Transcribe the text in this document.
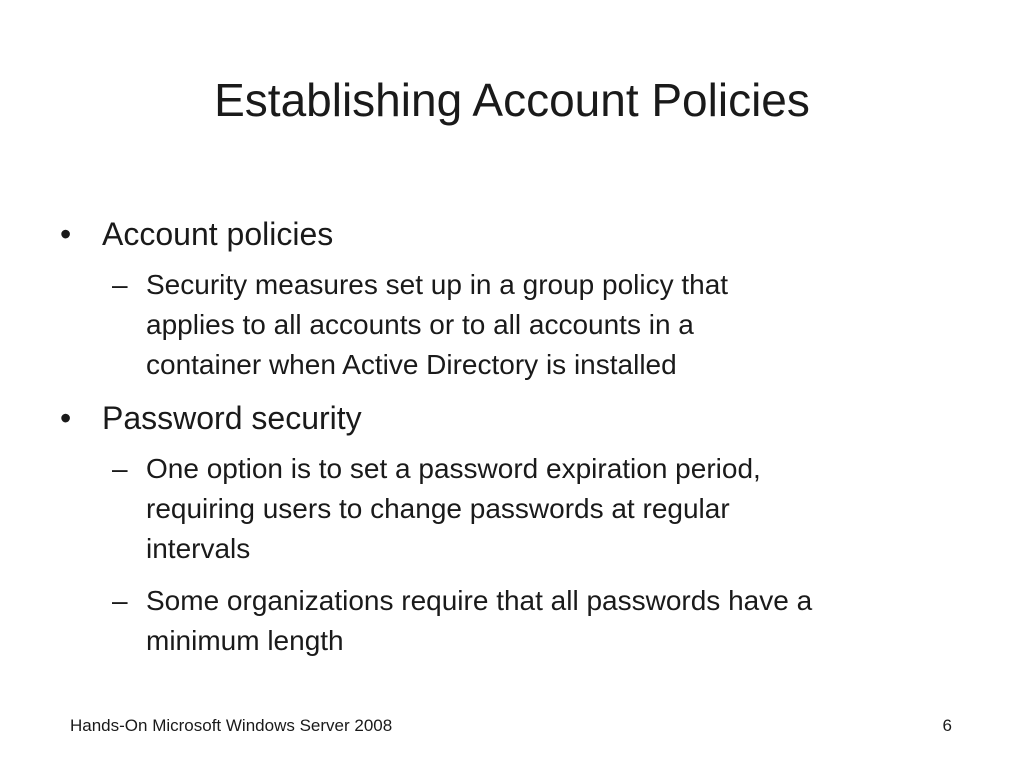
Establishing Account Policies
• Account policies
– Security measures set up in a group policy that
applies to all accounts or to all accounts in a
container when Active Directory is installed
• Password security
– One option is to set a password expiration period,
requiring users to change passwords at regular
intervals
– Some organizations require that all passwords have a
minimum length
Hands-On Microsoft Windows Server 2008	6
